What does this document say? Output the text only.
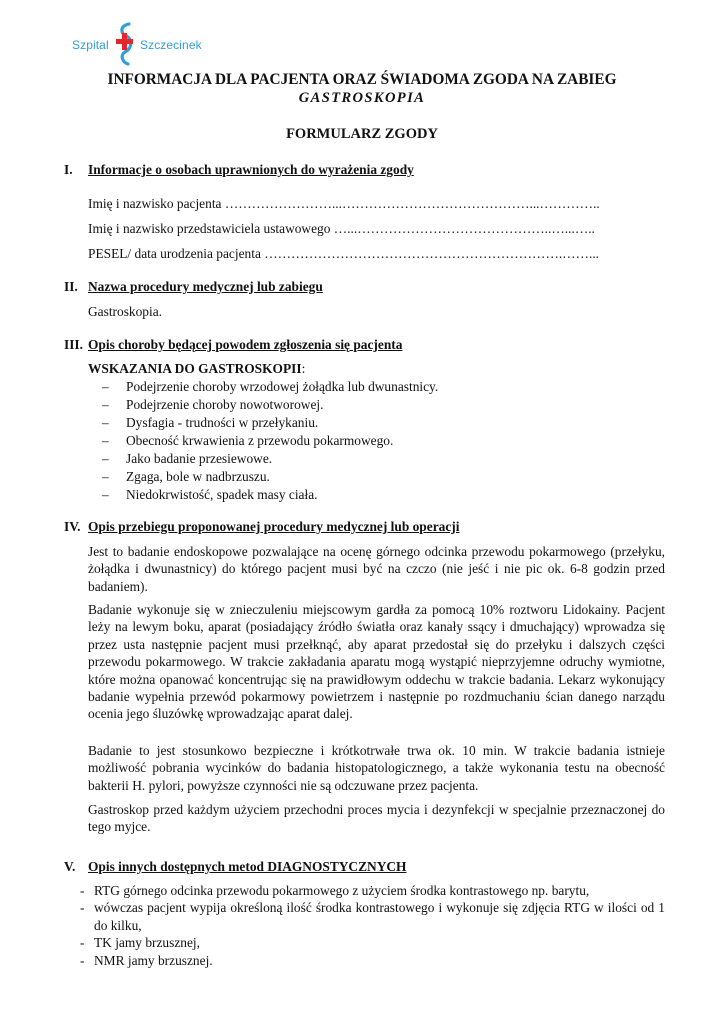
Szpital	Szczecinek
INFORMACJA DLA PACJENTA ORAZ ŚWIADOMA ZGODA NA ZABIEG
GASTROSKOPIA
FORMULARZ ZGODY
I. Informacje o osobach uprawnionych do wyrażenia zgody
Imię i nazwisko pacjenta ……………………...……………………………………...…………..
Imię i nazwisko przedstawiciela ustawowego …...……………………………………..…...…..
PESEL/ data urodzenia pacjenta ………………………………………………………….……...
II. Nazwa procedury medycznej lub zabiegu
Gastroskopia.
III. Opis choroby będącej powodem zgłoszenia się pacjenta
WSKAZANIA DO GASTROSKOPII:
– Podejrzenie choroby wrzodowej żołądka lub dwunastnicy.
– Podejrzenie choroby nowotworowej.
– Dysfagia - trudności w przełykaniu.
– Obecność krwawienia z przewodu pokarmowego.
– Jako badanie przesiewowe.
– Zgaga, bole w nadbrzuszu.
– Niedokrwistość, spadek masy ciała.
IV. Opis przebiegu proponowanej procedury medycznej lub operacji
Jest to badanie endoskopowe pozwalające na ocenę górnego odcinka przewodu pokarmowego (przełyku, żołądka i dwunastnicy) do którego pacjent musi być na czczo (nie jeść i nie pic ok. 6-8 godzin przed badaniem).
Badanie wykonuje się w znieczuleniu miejscowym gardła za pomocą 10% roztworu Lidokainy. Pacjent leży na lewym boku, aparat (posiadający źródło światła oraz kanały ssący i dmuchający) wprowadza się przez usta następnie pacjent musi przełknąć, aby aparat przedostał się do przełyku i dalszych części przewodu pokarmowego. W trakcie zakładania aparatu mogą wystąpić nieprzyjemne odruchy wymiotne, które można opanować koncentrując się na prawidłowym oddechu w trakcie badania. Lekarz wykonujący badanie wypełnia przewód pokarmowy powietrzem i następnie po rozdmuchaniu ścian danego narządu ocenia jego śluzówkę wprowadzając aparat dalej.
Badanie to jest stosunkowo bezpieczne i krótkotrwałe trwa ok. 10 min. W trakcie badania istnieje możliwość pobrania wycinków do badania histopatologicznego, a także wykonania testu na obecność bakterii H. pylori, powyższe czynności nie są odczuwane przez pacjenta.
Gastroskop przed każdym użyciem przechodni proces mycia i dezynfekcji w specjalnie przeznaczonej do tego myjce.
V. Opis innych dostępnych metod DIAGNOSTYCZNYCH
- RTG górnego odcinka przewodu pokarmowego z użyciem środka kontrastowego np. barytu,
- wówczas pacjent wypija określoną ilość środka kontrastowego i wykonuje się zdjęcia RTG w ilości od 1 do kilku,
- TK jamy brzusznej,
- NMR jamy brzusznej.
